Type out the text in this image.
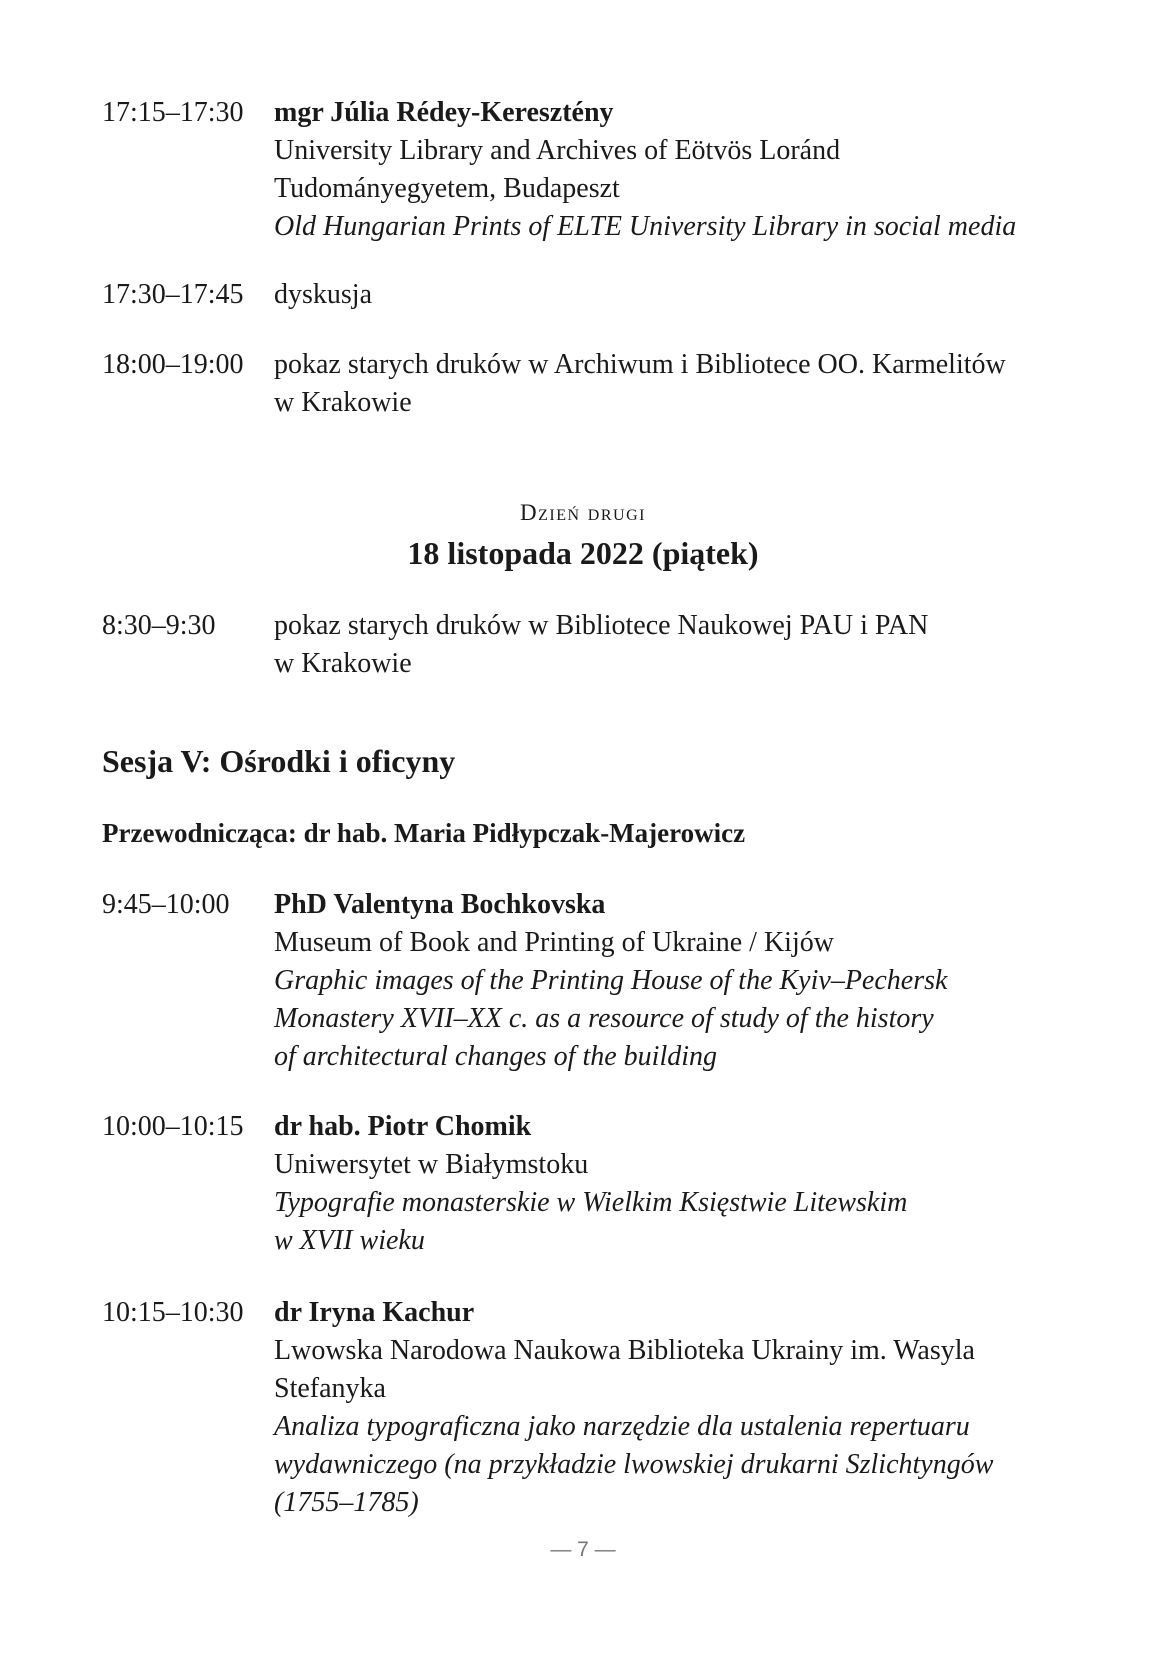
17:15–17:30 mgr Júlia Rédey-Keresztény
University Library and Archives of Eötvös Loránd
Tudományegyetem, Budapeszt
Old Hungarian Prints of ELTE University Library in social media
17:30–17:45 dyskusja
18:00–19:00 pokaz starych druków w Archiwum i Bibliotece OO. Karmelitów
w Krakowie
Dzień drugi
18 listopada 2022 (piątek)
8:30–9:30 pokaz starych druków w Bibliotece Naukowej PAU i PAN
w Krakowie
Sesja V: Ośrodki i oficyny
Przewodnicząca: dr hab. Maria Pidłypczak-Majerowicz
9:45–10:00 PhD Valentyna Bochkovska
Museum of Book and Printing of Ukraine / Kijów
Graphic images of the Printing House of the Kyiv–Pechersk
Monastery XVII–XX c. as a resource of study of the history
of architectural changes of the building
10:00–10:15 dr hab. Piotr Chomik
Uniwersytet w Białymstoku
Typografie monasterskie w Wielkim Księstwie Litewskim
w XVII wieku
10:15–10:30 dr Iryna Kachur
Lwowska Narodowa Naukowa Biblioteka Ukrainy im. Wasyla
Stefanyka
Analiza typograficzna jako narzędzie dla ustalenia repertuaru
wydawniczego (na przykładzie lwowskiej drukarni Szlichtyngów
(1755–1785)
— 7 —
